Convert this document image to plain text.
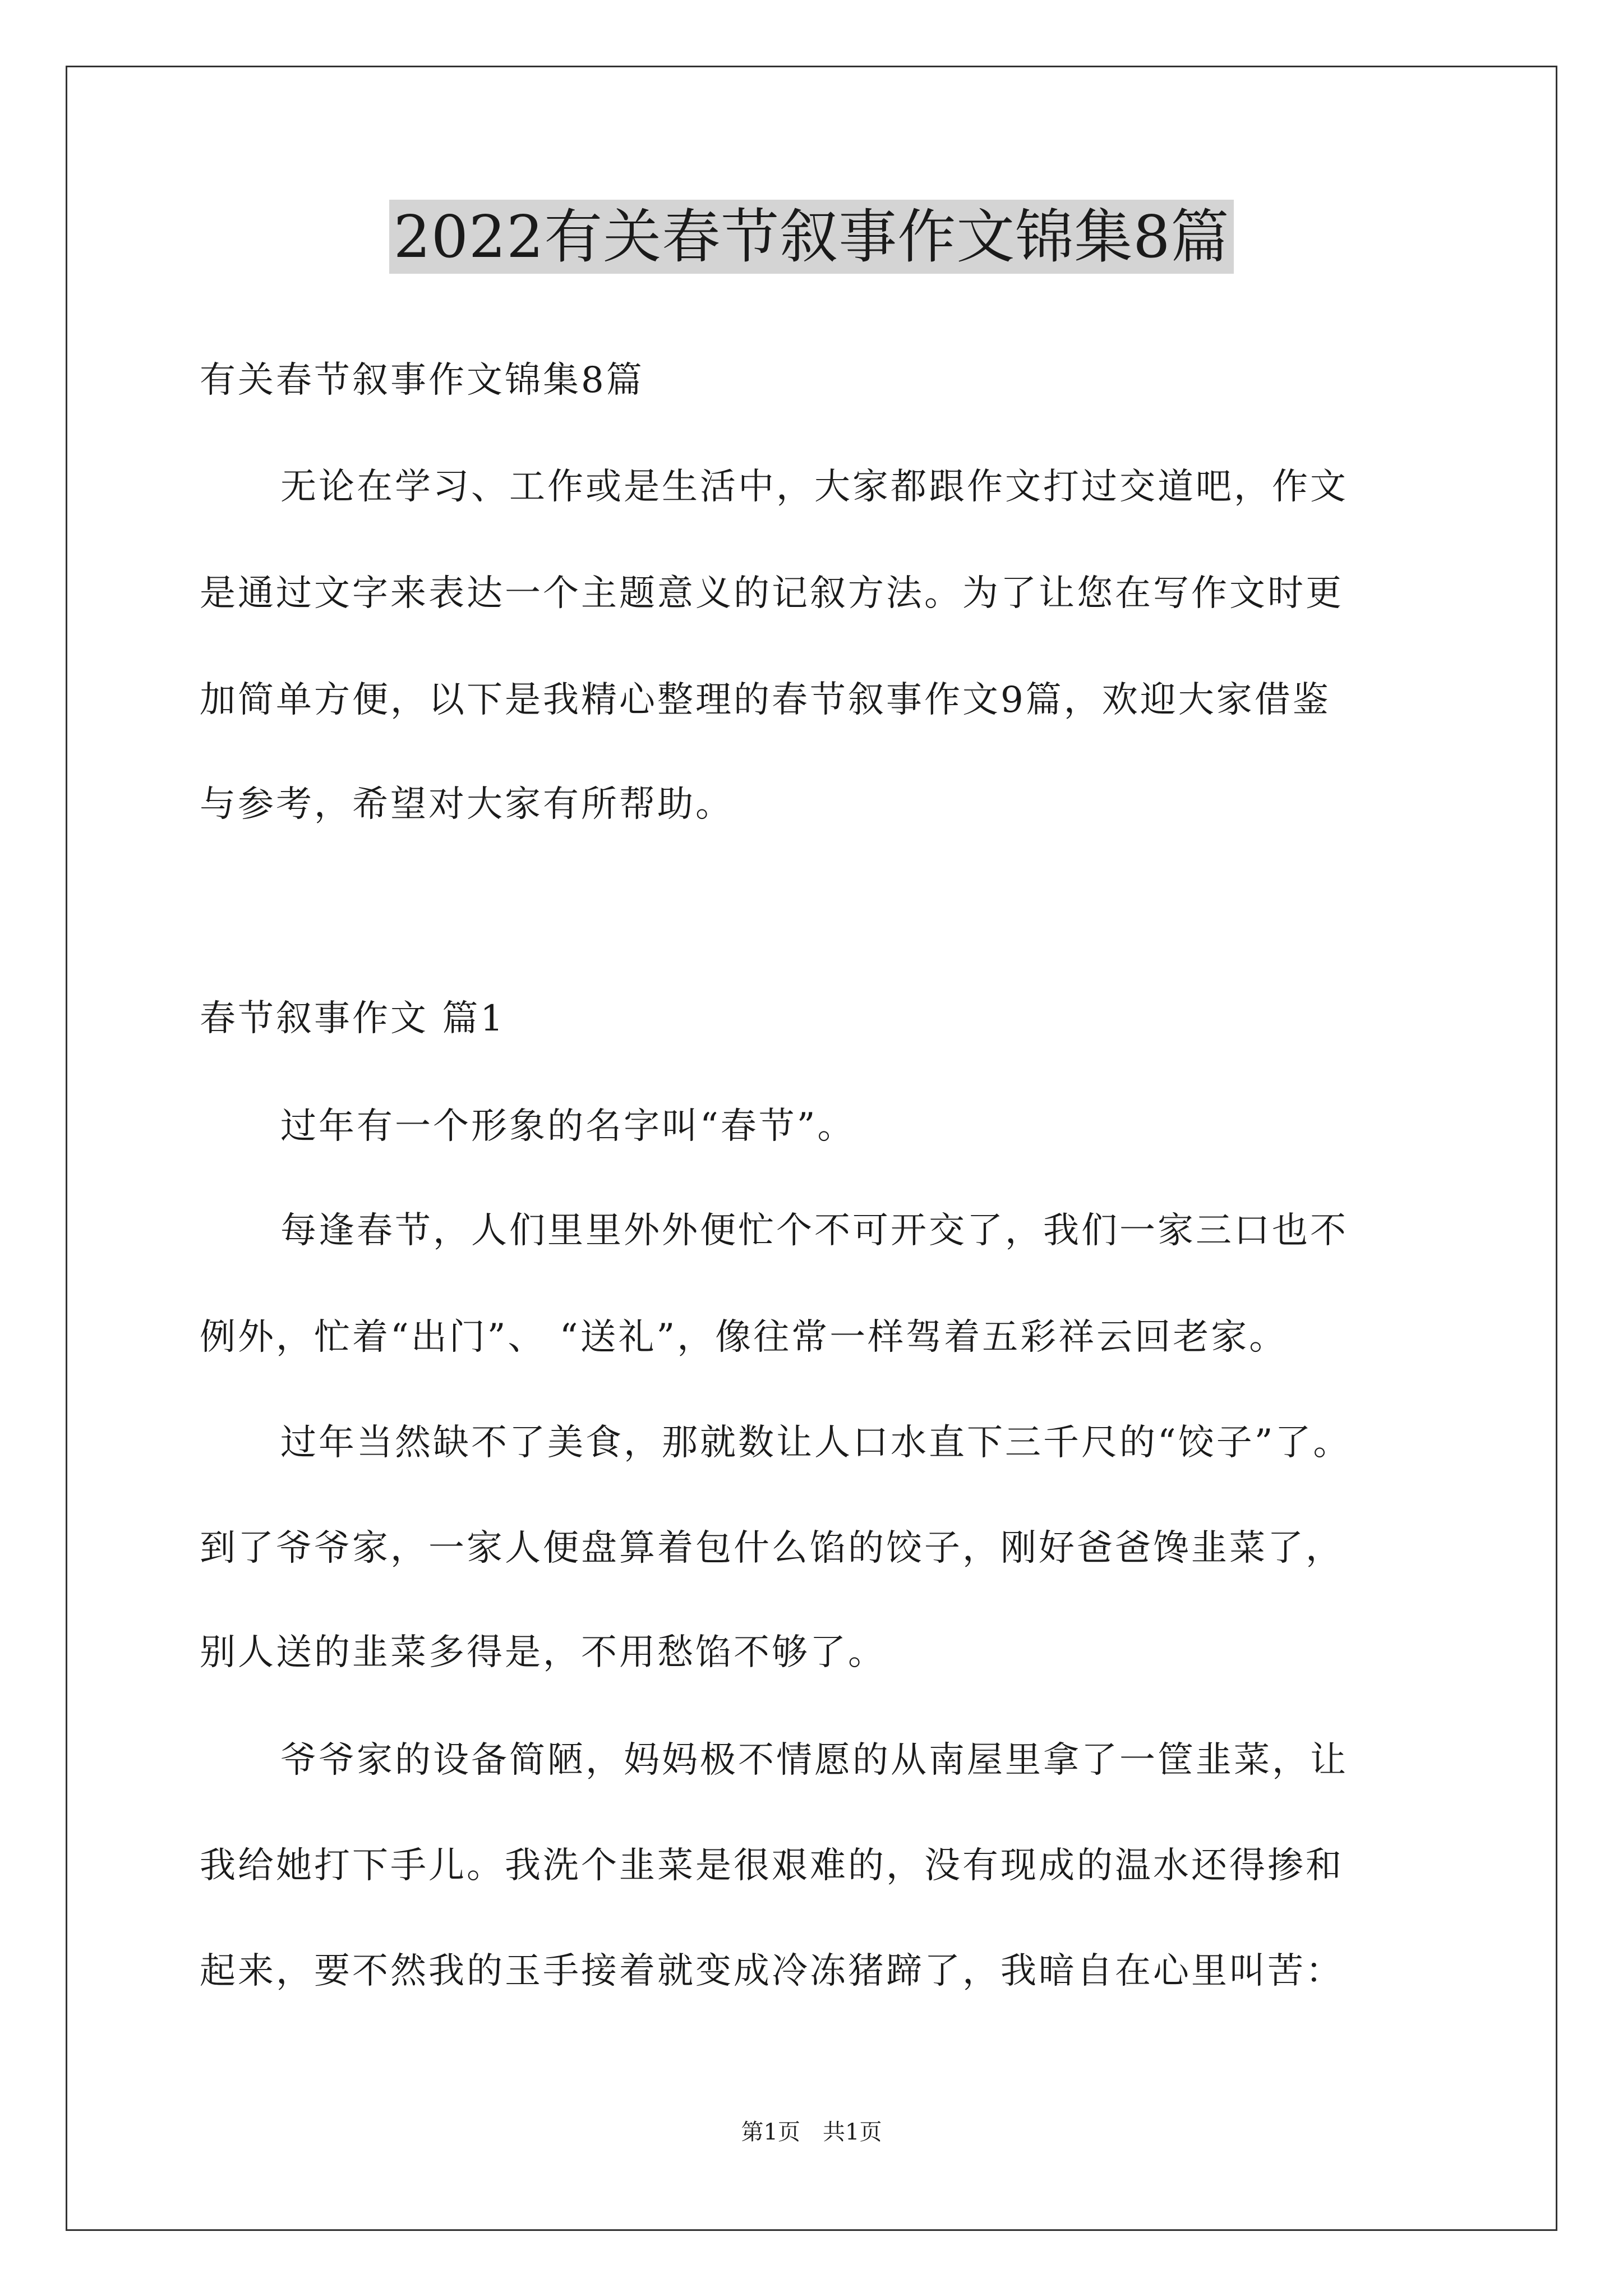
2022有关春节叙事作文锦集8篇
有关春节叙事作文锦集8篇
无论在学习、工作或是生活中，大家都跟作文打过交道吧，作文
是通过文字来表达一个主题意义的记叙方法。为了让您在写作文时更
加简单方便，以下是我精心整理的春节叙事作文9篇，欢迎大家借鉴
与参考，希望对大家有所帮助。
春节叙事作文 篇1
过年有一个形象的名字叫“春节”。
每逢春节，人们里里外外便忙个不可开交了，我们一家三口也不
例外，忙着“出门”、 “送礼”，像往常一样驾着五彩祥云回老家。
过年当然缺不了美食，那就数让人口水直下三千尺的“饺子”了。
到了爷爷家，一家人便盘算着包什么馅的饺子，刚好爸爸馋韭菜了，
别人送的韭菜多得是，不用愁馅不够了。
爷爷家的设备简陋，妈妈极不情愿的从南屋里拿了一筐韭菜，让
我给她打下手儿。我洗个韭菜是很艰难的，没有现成的温水还得掺和
起来，要不然我的玉手接着就变成冷冻猪蹄了，我暗自在心里叫苦：
第1页　共1页
